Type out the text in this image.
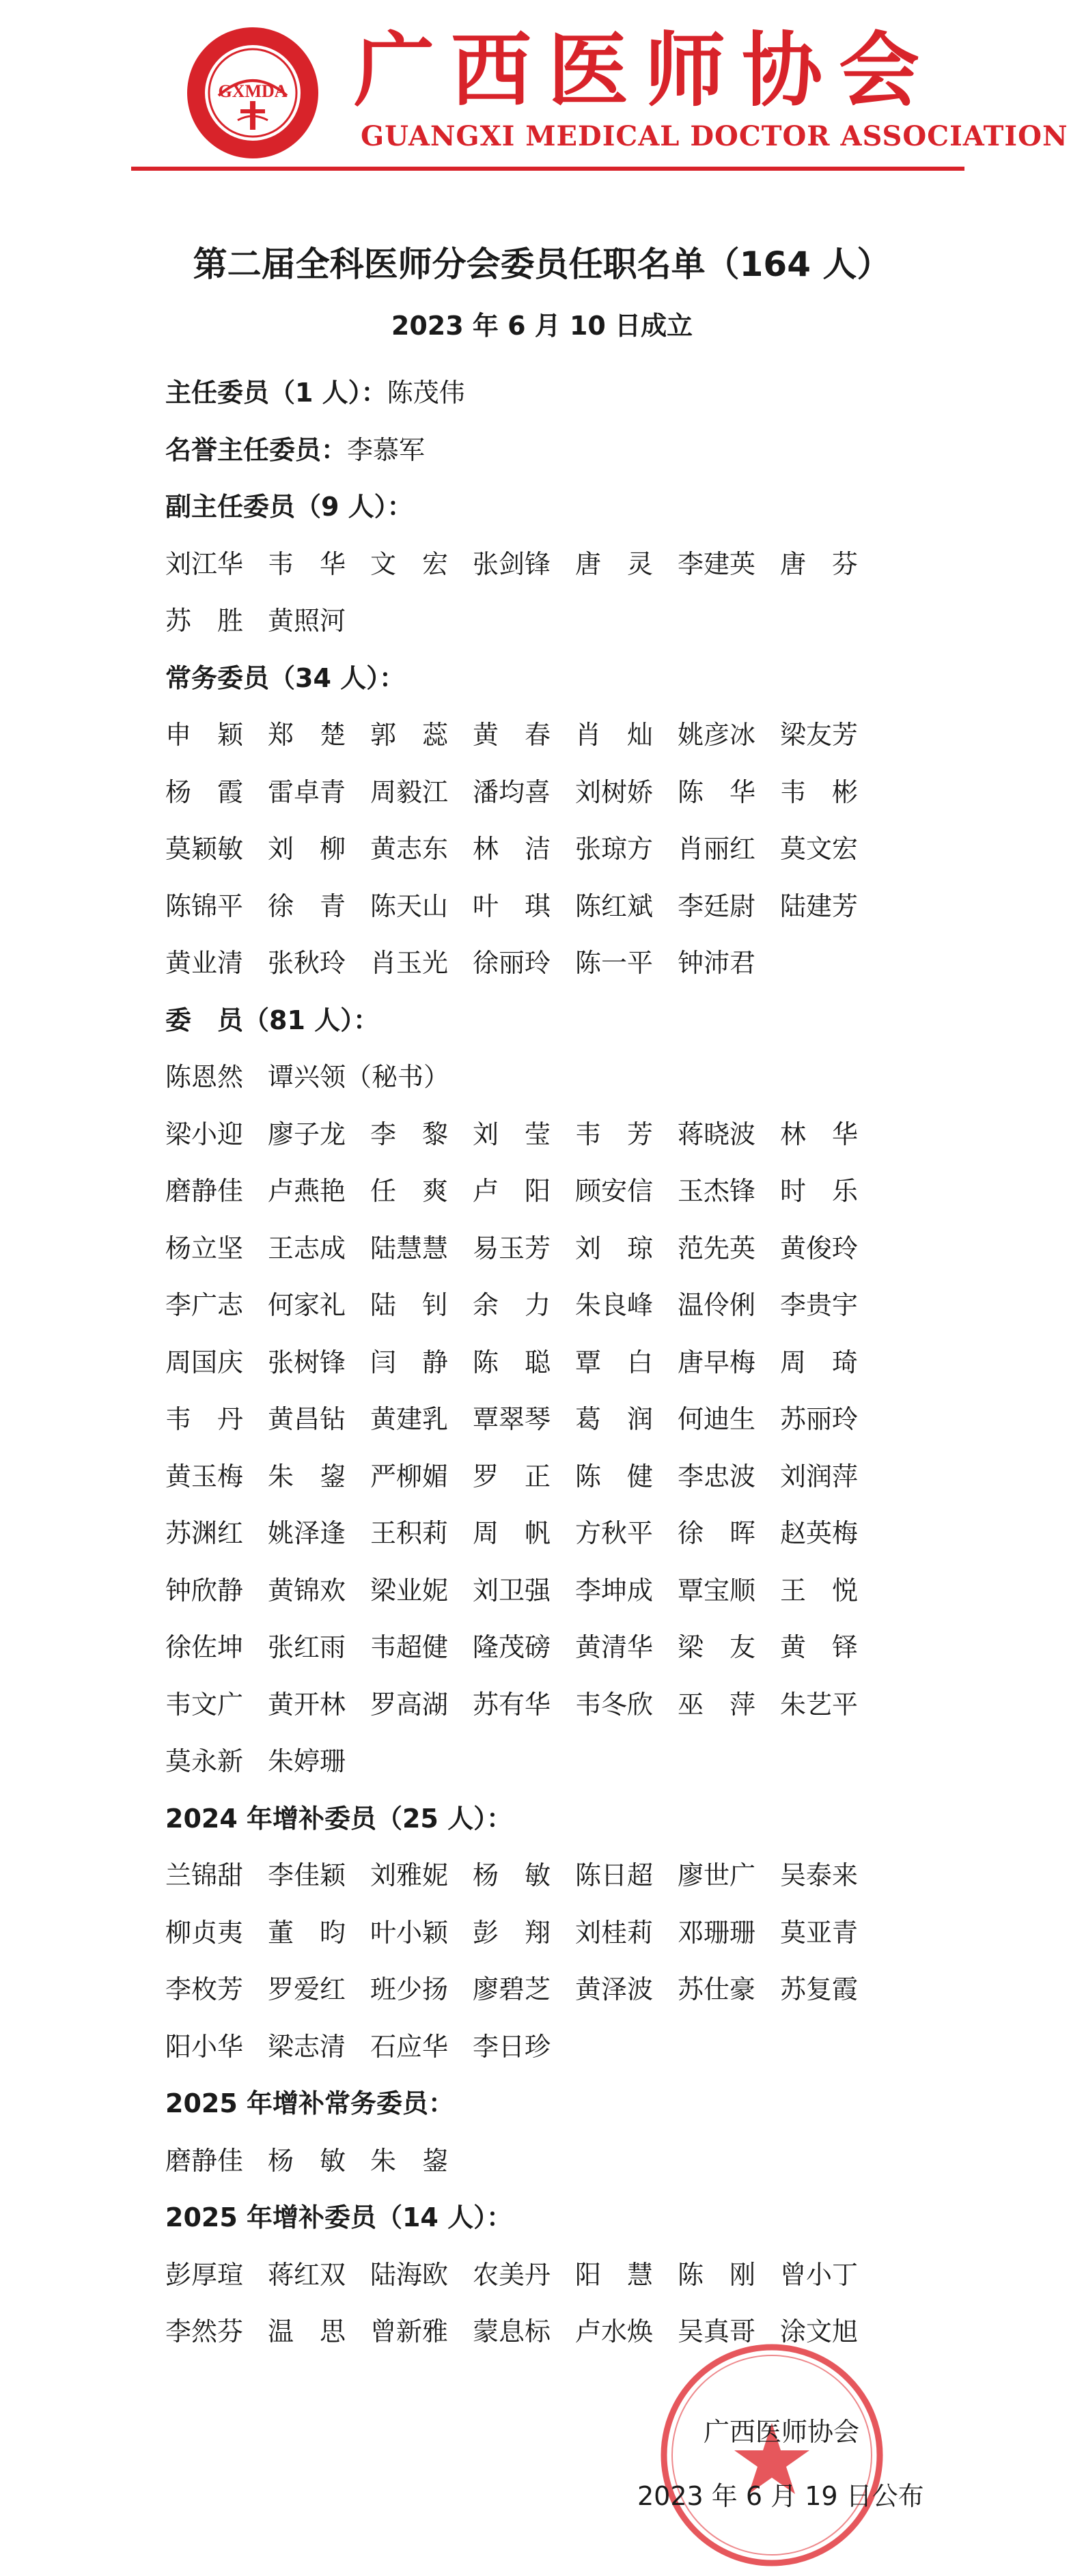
GXMDA 广西医师协会
GUANGXI MEDICAL DOCTOR ASSOCIATION
第二届全科医师分会委员任职名单（164 人）
2023 年 6 月 10 日成立
主任委员（1 人）： 陈茂伟
名誉主任委员： 李慕军
副主任委员（9 人）：
刘江华 韦　华 文　宏 张剑锋 唐　灵 李建英 唐　芬
苏　胜 黄照河
常务委员（34 人）：
申　颖 郑　楚 郭　蕊 黄　春 肖　灿 姚彦冰 梁友芳
杨　霞 雷卓青 周毅江 潘均喜 刘树娇 陈　华 韦　彬
莫颖敏 刘　柳 黄志东 林　洁 张琼方 肖丽红 莫文宏
陈锦平 徐　青 陈天山 叶　琪 陈红斌 李廷尉 陆建芳
黄业清 张秋玲 肖玉光 徐丽玲 陈一平 钟沛君
委　员（81 人）：
陈恩然 谭兴领（秘书）
梁小迎 廖子龙 李　黎 刘　莹 韦　芳 蒋晓波 林　华
磨静佳 卢燕艳 任　爽 卢　阳 顾安信 玉杰锋 时　乐
杨立坚 王志成 陆慧慧 易玉芳 刘　琼 范先英 黄俊玲
李广志 何家礼 陆　钊 余　力 朱良峰 温伶俐 李贵宇
周国庆 张树锋 闫　静 陈　聪 覃　白 唐早梅 周　琦
韦　丹 黄昌钻 黄建乳 覃翠琴 葛　润 何迪生 苏丽玲
黄玉梅 朱　鋆 严柳媚 罗　正 陈　健 李忠波 刘润萍
苏渊红 姚泽逢 王积莉 周　帆 方秋平 徐　晖 赵英梅
钟欣静 黄锦欢 梁业妮 刘卫强 李坤成 覃宝顺 王　悦
徐佐坤 张红雨 韦超健 隆茂磅 黄清华 梁　友 黄　铎
韦文广 黄开林 罗高湖 苏有华 韦冬欣 巫　萍 朱艺平
莫永新 朱婷珊
2024 年增补委员（25 人）：
兰锦甜 李佳颖 刘雅妮 杨　敏 陈日超 廖世广 吴泰来
柳贞夷 董　昀 叶小颖 彭　翔 刘桂莉 邓珊珊 莫亚青
李枚芳 罗爱红 班少扬 廖碧芝 黄泽波 苏仕豪 苏复霞
阳小华 梁志清 石应华 李日珍
2025 年增补常务委员：
磨静佳 杨　敏 朱　鋆
2025 年增补委员（14 人）：
彭厚瑄 蒋红双 陆海欧 农美丹 阳　慧 陈　刚 曾小丁
李然芬 温　思 曾新雅 蒙息标 卢水焕 吴真哥 涂文旭
广西医师协会
2023 年 6 月 19 日公布
